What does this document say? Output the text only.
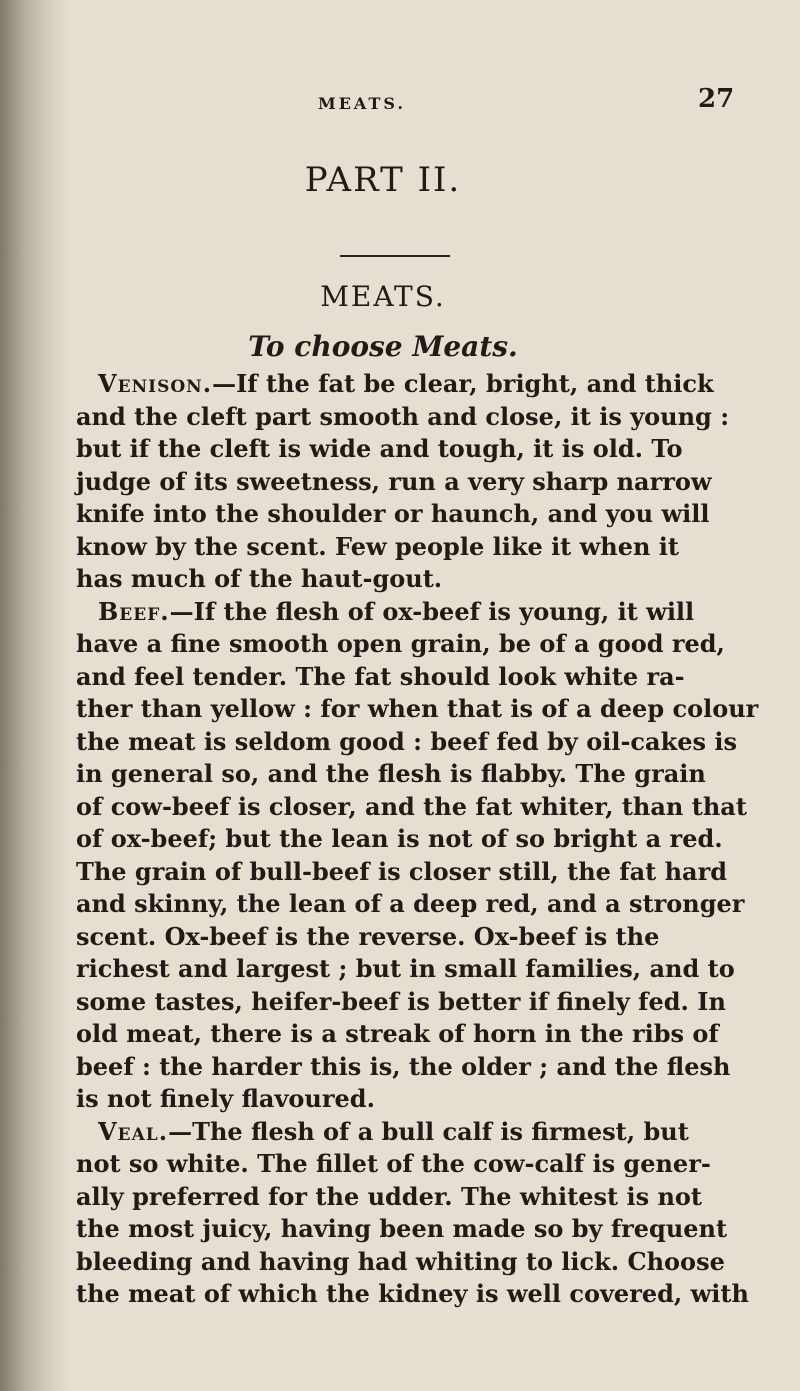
MEATS.	27
PART II.
MEATS.
To choose Meats.
Venison.—If the fat be clear, bright, and thick
and the cleft part smooth and close, it is young :
but if the cleft is wide and tough, it is old. To
judge of its sweetness, run a very sharp narrow
knife into the shoulder or haunch, and you will
know by the scent. Few people like it when it
has much of the haut-gout.
Beef.—If the flesh of ox-beef is young, it will
have a fine smooth open grain, be of a good red,
and feel tender. The fat should look white ra-
ther than yellow : for when that is of a deep colour
the meat is seldom good : beef fed by oil-cakes is
in general so, and the flesh is flabby. The grain
of cow-beef is closer, and the fat whiter, than that
of ox-beef; but the lean is not of so bright a red.
The grain of bull-beef is closer still, the fat hard
and skinny, the lean of a deep red, and a stronger
scent. Ox-beef is the reverse. Ox-beef is the
richest and largest ; but in small families, and to
some tastes, heifer-beef is better if finely fed. In
old meat, there is a streak of horn in the ribs of
beef : the harder this is, the older ; and the flesh
is not finely flavoured.
Veal.—The flesh of a bull calf is firmest, but
not so white. The fillet of the cow-calf is gener-
ally preferred for the udder. The whitest is not
the most juicy, having been made so by frequent
bleeding and having had whiting to lick. Choose
the meat of which the kidney is well covered, with
